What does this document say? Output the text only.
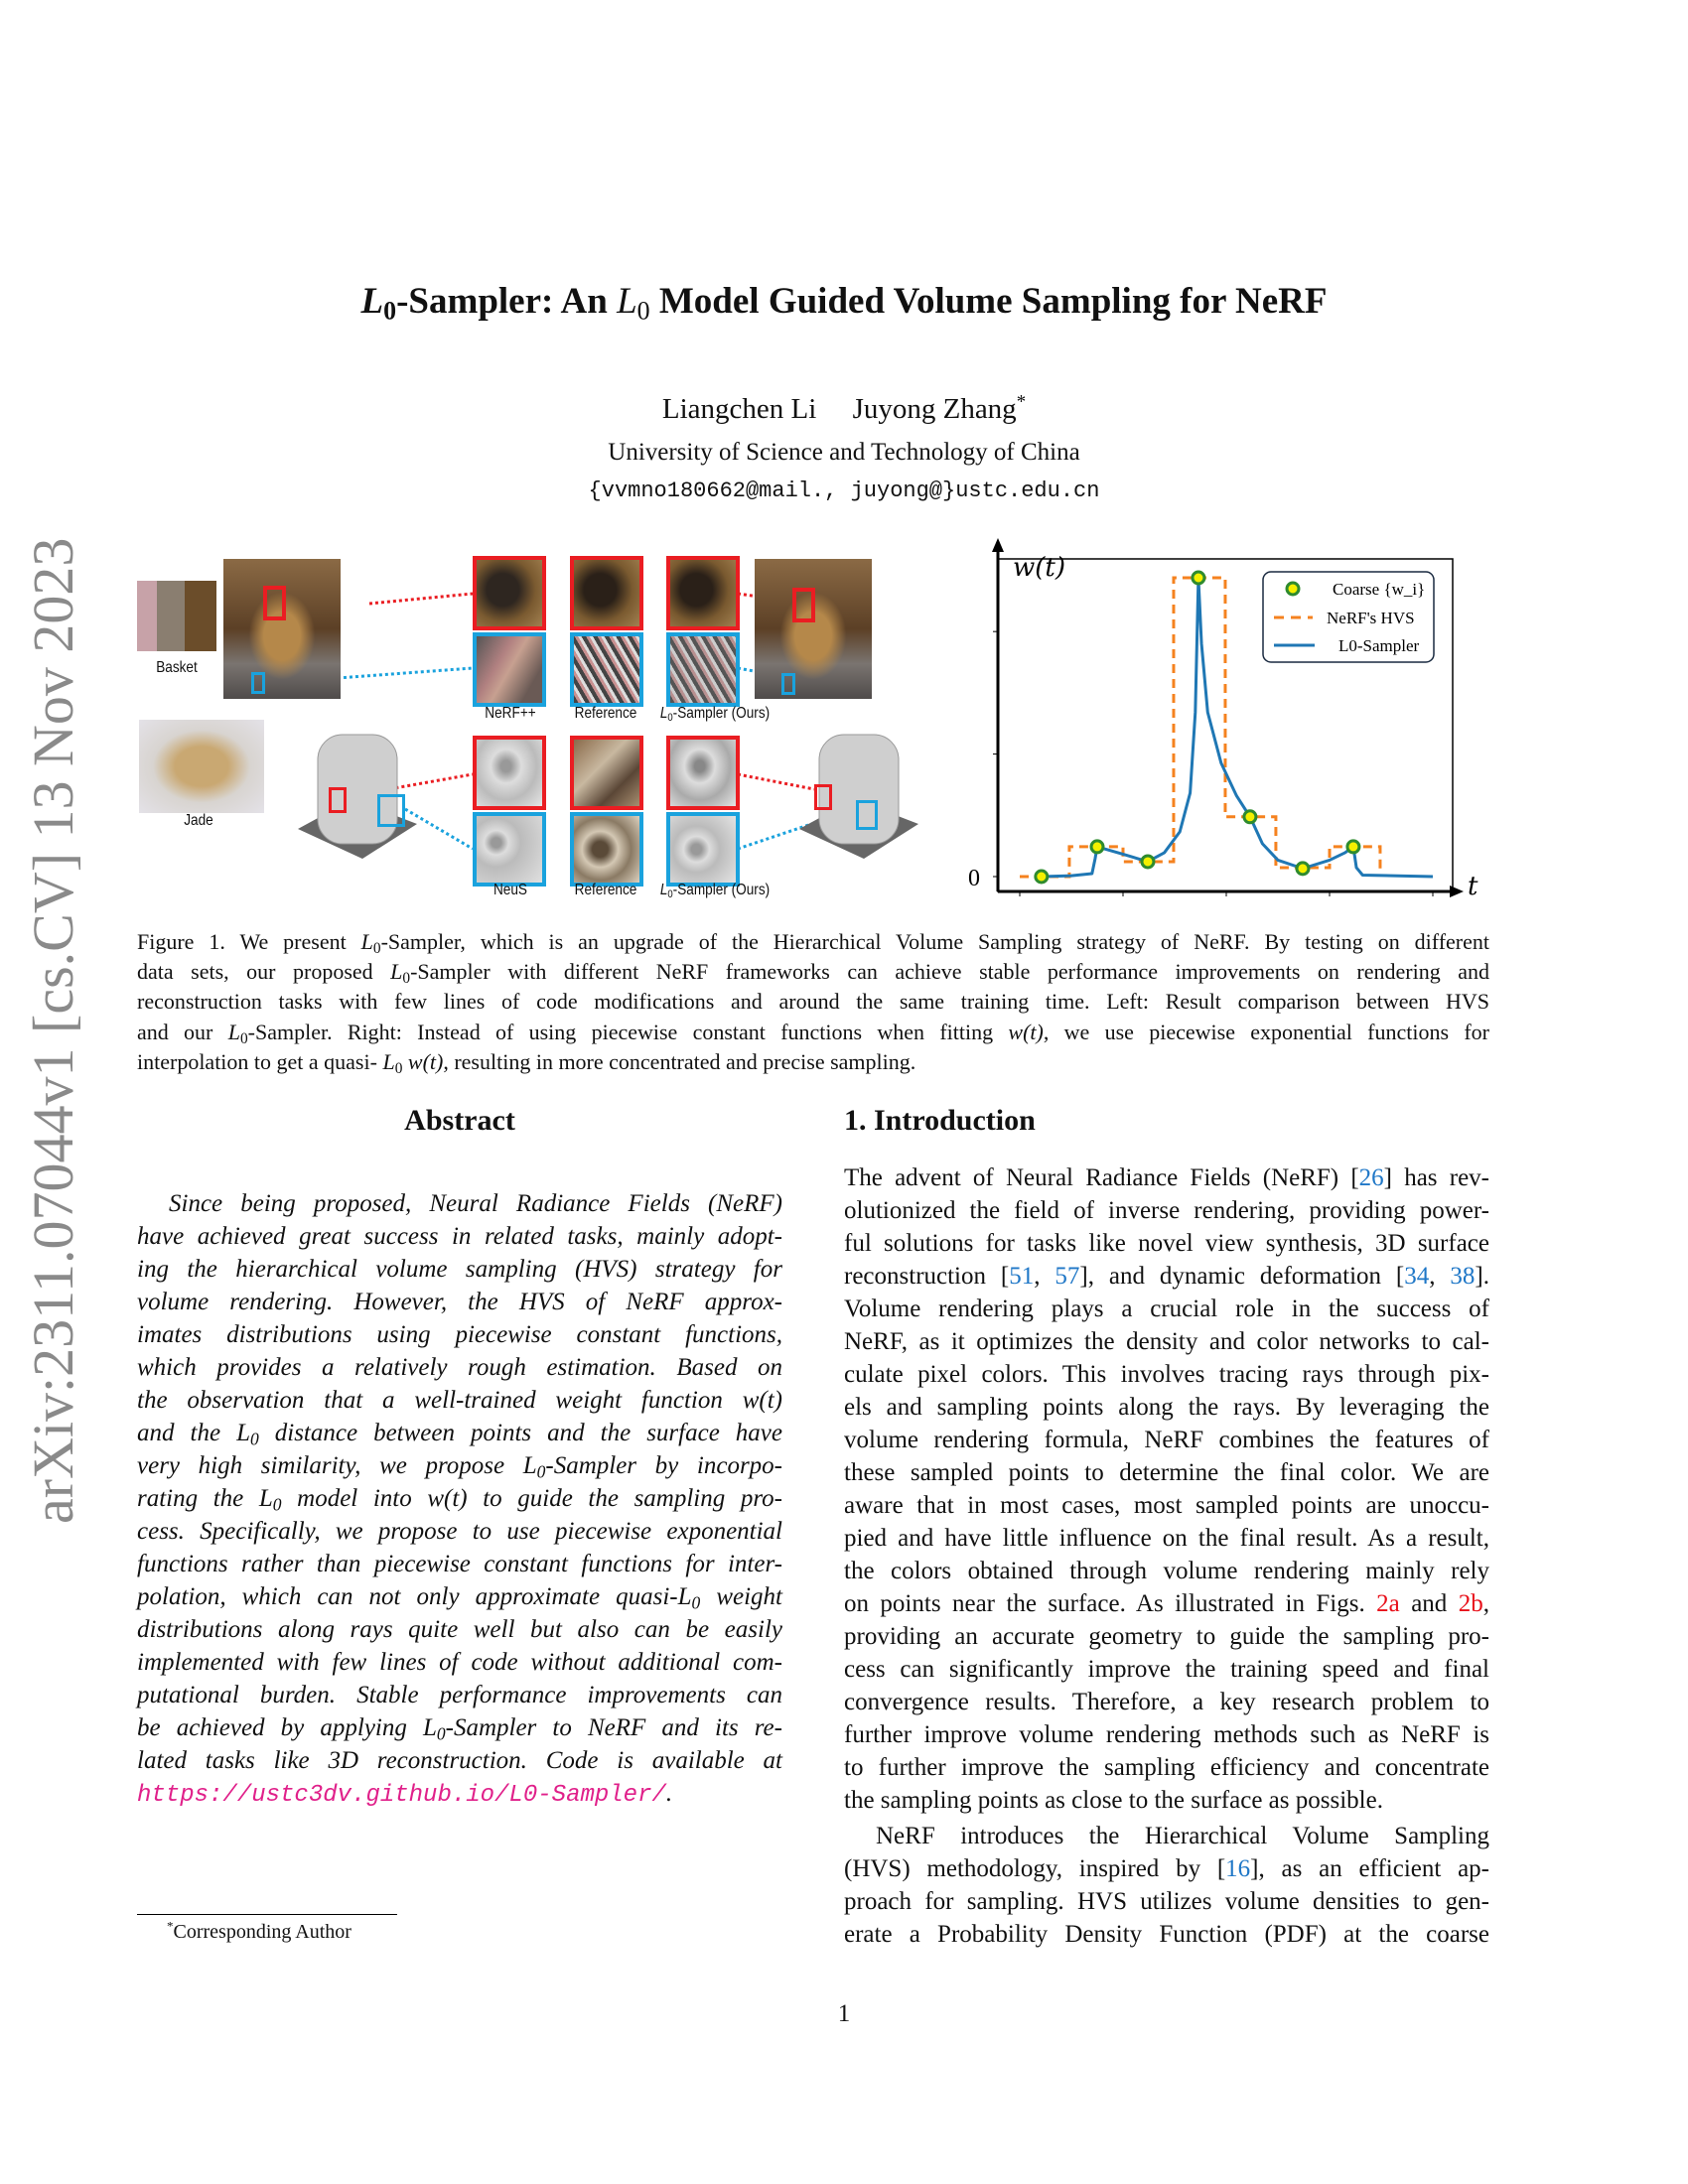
arXiv:2311.07044v1 [cs.CV] 13 Nov 2023
$L_0$-Sampler: An $L_0$ Model Guided Volume Sampling for NeRF
Liangchen Li Juyong Zhang*
University of Science and Technology of China
{vvmno180662@mail., juyong@}ustc.edu.cn
Basket
NeRF++	Reference $L_0$-Sampler (Ours)
Jade
NeuS	Reference $L_0$-Sampler (Ours)
w(t)
t
0
Coarse {w_i}
NeRF's HVS
L0-Sampler
Figure 1. We present $L_0$-Sampler, which is an upgrade of the Hierarchical Volume Sampling strategy of NeRF. By testing on different
data sets, our proposed $L_0$-Sampler with different NeRF frameworks can achieve stable performance improvements on rendering and
reconstruction tasks with few lines of code modifications and around the same training time. Left: Result comparison between HVS
and our $L_0$-Sampler. Right: Instead of using piecewise constant functions when fitting w(t), we use piecewise exponential functions for
interpolation to get a quasi- $L_0$ w(t), resulting in more concentrated and precise sampling.
Abstract
Since being proposed, Neural Radiance Fields (NeRF)
have achieved great success in related tasks, mainly adopt-
ing the hierarchical volume sampling (HVS) strategy for
volume rendering. However, the HVS of NeRF approx-
imates distributions using piecewise constant functions,
which provides a relatively rough estimation. Based on
the observation that a well-trained weight function w(t)
and the $L_0$ distance between points and the surface have
very high similarity, we propose $L_0$-Sampler by incorpo-
rating the $L_0$ model into w(t) to guide the sampling pro-
cess. Specifically, we propose to use piecewise exponential
functions rather than piecewise constant functions for inter-
polation, which can not only approximate quasi-$L_0$ weight
distributions along rays quite well but also can be easily
implemented with few lines of code without additional com-
putational burden. Stable performance improvements can
be achieved by applying $L_0$-Sampler to NeRF and its re-
lated tasks like 3D reconstruction. Code is available at
https://ustc3dv.github.io/L0-Sampler/.
1. Introduction
The advent of Neural Radiance Fields (NeRF) [26] has rev-
olutionized the field of inverse rendering, providing power-
ful solutions for tasks like novel view synthesis, 3D surface
reconstruction [51, 57], and dynamic deformation [34, 38].
Volume rendering plays a crucial role in the success of
NeRF, as it optimizes the density and color networks to cal-
culate pixel colors. This involves tracing rays through pix-
els and sampling points along the rays. By leveraging the
volume rendering formula, NeRF combines the features of
these sampled points to determine the final color. We are
aware that in most cases, most sampled points are unoccu-
pied and have little influence on the final result. As a result,
the colors obtained through volume rendering mainly rely
on points near the surface. As illustrated in Figs. 2a and 2b,
providing an accurate geometry to guide the sampling pro-
cess can significantly improve the training speed and final
convergence results. Therefore, a key research problem to
further improve volume rendering methods such as NeRF is
to further improve the sampling efficiency and concentrate
the sampling points as close to the surface as possible.
NeRF introduces the Hierarchical Volume Sampling
(HVS) methodology, inspired by [16], as an efficient ap-
proach for sampling. HVS utilizes volume densities to gen-
erate a Probability Density Function (PDF) at the coarse
*Corresponding Author
1
